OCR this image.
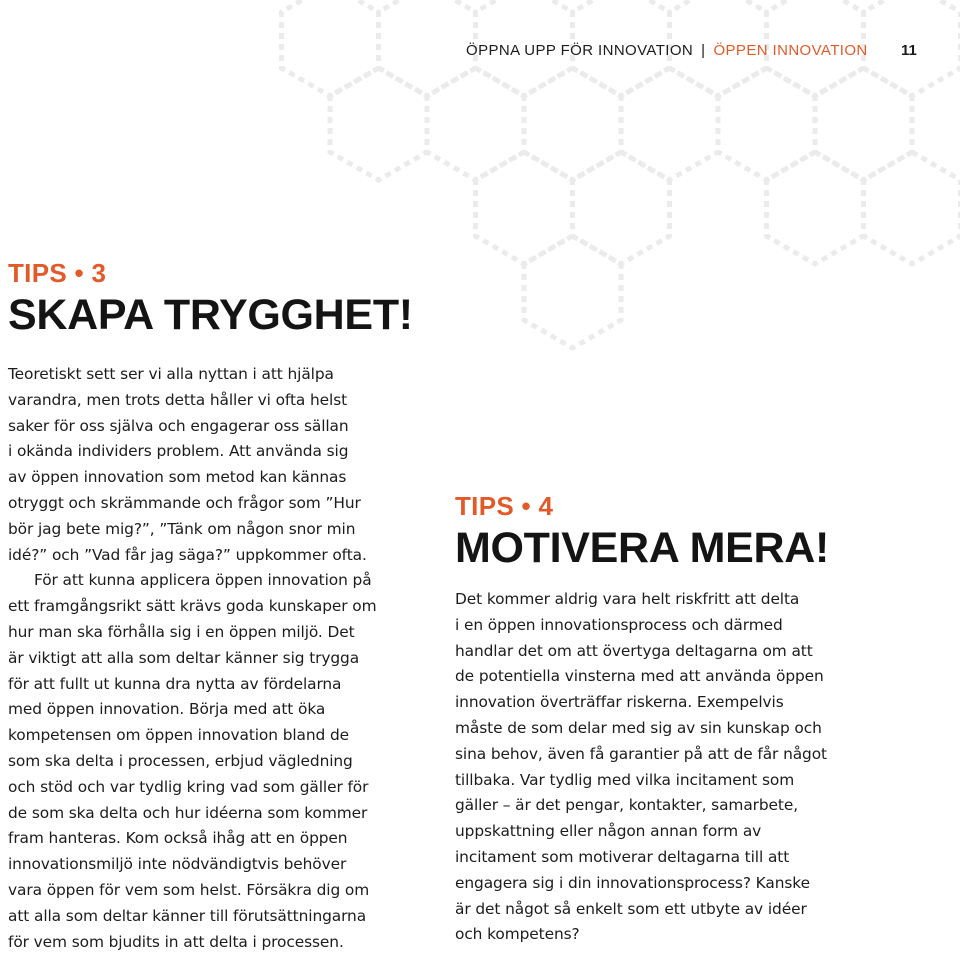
ÖPPNA UPP FÖR INNOVATION | ÖPPEN INNOVATION 11
TIPS • 3
SKAPA TRYGGHET!

Teoretiskt sett ser vi alla nyttan i att hjälpa
varandra, men trots detta håller vi ofta helst
saker för oss själva och engagerar oss sällan
i okända individers problem. Att använda sig
av öppen innovation som metod kan kännas
otryggt och skrämmande och frågor som ”Hur
bör jag bete mig?”, ”Tänk om någon snor min
idé?” och ”Vad får jag säga?” uppkommer ofta.
För att kunna applicera öppen innovation på
ett framgångsrikt sätt krävs goda kunskaper om
hur man ska förhålla sig i en öppen miljö. Det
är viktigt att alla som deltar känner sig trygga
för att fullt ut kunna dra nytta av fördelarna
med öppen innovation. Börja med att öka
kompetensen om öppen innovation bland de
som ska delta i processen, erbjud vägledning
och stöd och var tydlig kring vad som gäller för
de som ska delta och hur idéerna som kommer
fram hanteras. Kom också ihåg att en öppen
innovationsmiljö inte nödvändigtvis behöver
vara öppen för vem som helst. Försäkra dig om
att alla som deltar känner till förutsättningarna
för vem som bjudits in att delta i processen.

TIPS • 4
MOTIVERA MERA!

Det kommer aldrig vara helt riskfritt att delta
i en öppen innovationsprocess och därmed
handlar det om att övertyga deltagarna om att
de potentiella vinsterna med att använda öppen
innovation överträffar riskerna. Exempelvis
måste de som delar med sig av sin kunskap och
sina behov, även få garantier på att de får något
tillbaka. Var tydlig med vilka incitament som
gäller – är det pengar, kontakter, samarbete,
uppskattning eller någon annan form av
incitament som motiverar deltagarna till att
engagera sig i din innovationsprocess? Kanske
är det något så enkelt som ett utbyte av idéer
och kompetens?
